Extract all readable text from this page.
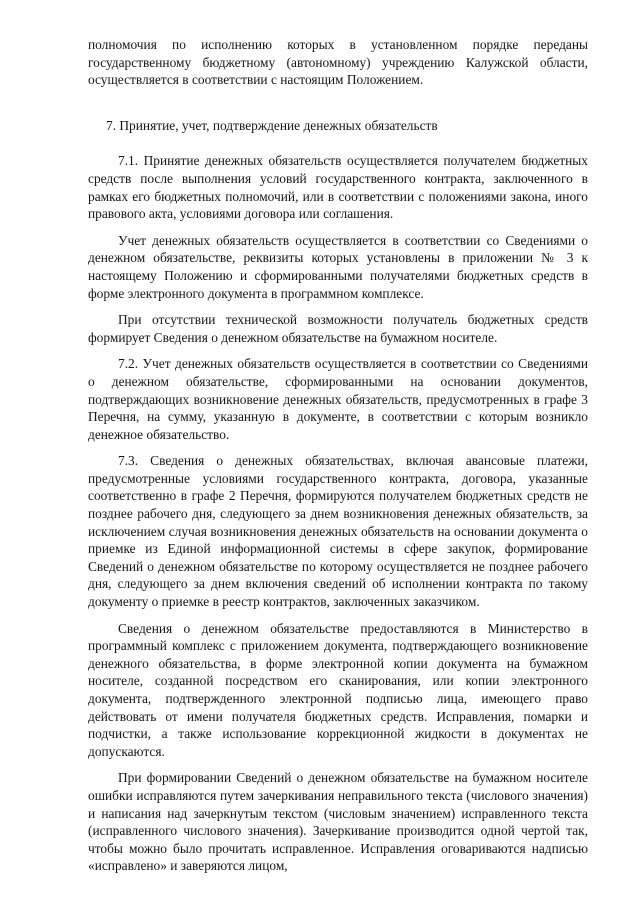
полномочия по исполнению которых в установленном порядке переданы государственному бюджетному (автономному) учреждению Калужской области, осуществляется в соответствии с настоящим Положением.

7. Принятие, учет, подтверждение денежных обязательств

7.1. Принятие денежных обязательств осуществляется получателем бюджетных средств после выполнения условий государственного контракта, заключенного в рамках его бюджетных полномочий, или в соответствии с положениями закона, иного правового акта, условиями договора или соглашения.

Учет денежных обязательств осуществляется в соответствии со Сведениями о денежном обязательстве, реквизиты которых установлены в приложении № 3 к настоящему Положению и сформированными получателями бюджетных средств в форме электронного документа в программном комплексе.

При отсутствии технической возможности получатель бюджетных средств формирует Сведения о денежном обязательстве на бумажном носителе.

7.2. Учет денежных обязательств осуществляется в соответствии со Сведениями о денежном обязательстве, сформированными на основании документов, подтверждающих возникновение денежных обязательств, предусмотренных в графе 3 Перечня, на сумму, указанную в документе, в соответствии с которым возникло денежное обязательство.

7.3. Сведения о денежных обязательствах, включая авансовые платежи, предусмотренные условиями государственного контракта, договора, указанные соответственно в графе 2 Перечня, формируются получателем бюджетных средств не позднее рабочего дня, следующего за днем возникновения денежных обязательств, за исключением случая возникновения денежных обязательств на основании документа о приемке из Единой информационной системы в сфере закупок, формирование Сведений о денежном обязательстве по которому осуществляется не позднее рабочего дня, следующего за днем включения сведений об исполнении контракта по такому документу о приемке в реестр контрактов, заключенных заказчиком.

Сведения о денежном обязательстве предоставляются в Министерство в программный комплекс с приложением документа, подтверждающего возникновение денежного обязательства, в форме электронной копии документа на бумажном носителе, созданной посредством его сканирования, или копии электронного документа, подтвержденного электронной подписью лица, имеющего право действовать от имени получателя бюджетных средств. Исправления, помарки и подчистки, а также использование коррекционной жидкости в документах не допускаются.

При формировании Сведений о денежном обязательстве на бумажном носителе ошибки исправляются путем зачеркивания неправильного текста (числового значения) и написания над зачеркнутым текстом (числовым значением) исправленного текста (исправленного числового значения). Зачеркивание производится одной чертой так, чтобы можно было прочитать исправленное. Исправления оговариваются надписью «исправлено» и заверяются лицом,
